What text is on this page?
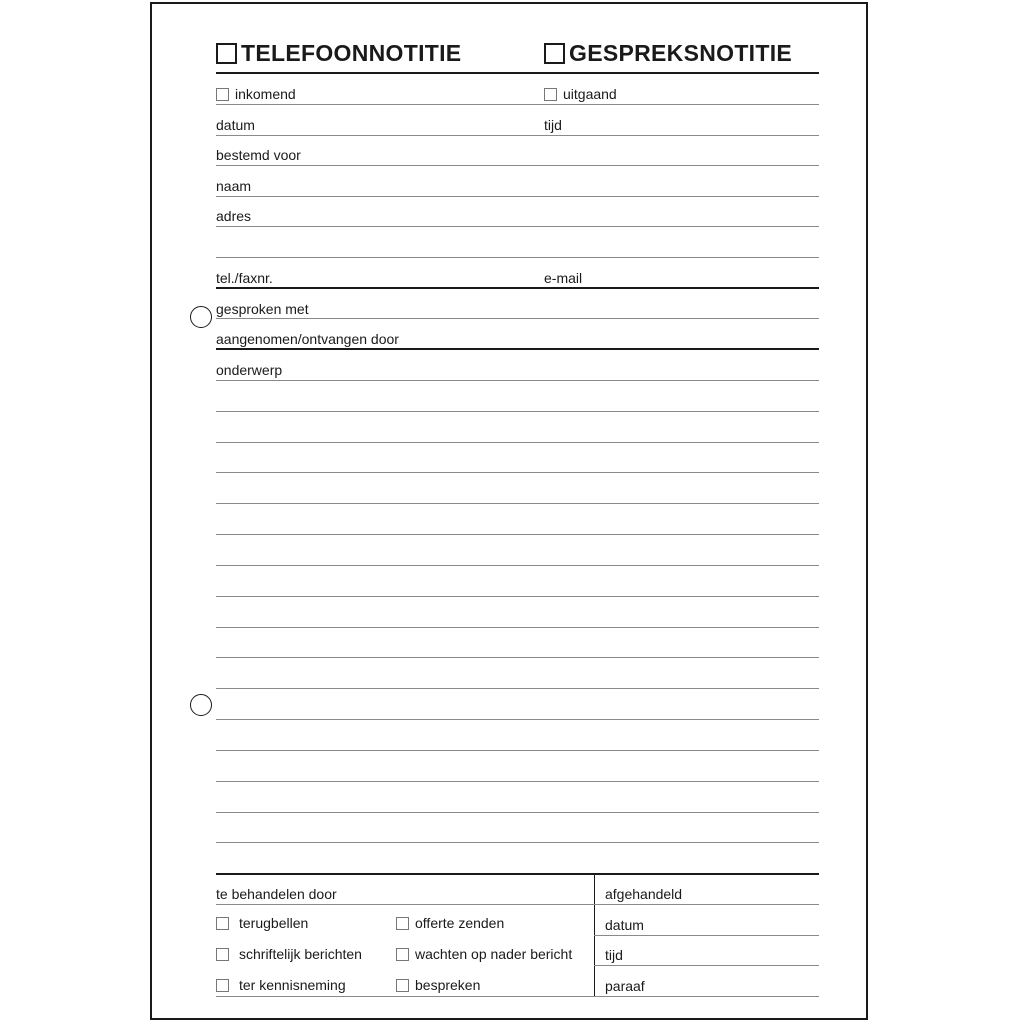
TELEFOONNOTITIE	GESPREKSNOTITIE
inkomend	uitgaand
datum	tijd
bestemd voor
naam
adres
tel./faxnr.	e-mail
gesproken met
aangenomen/ontvangen door
onderwerp
te behandelen door
terugbellen	offerte zenden
schriftelijk berichten	wachten op nader bericht
ter kennisneming	bespreken
afgehandeld
datum
tijd
paraaf
